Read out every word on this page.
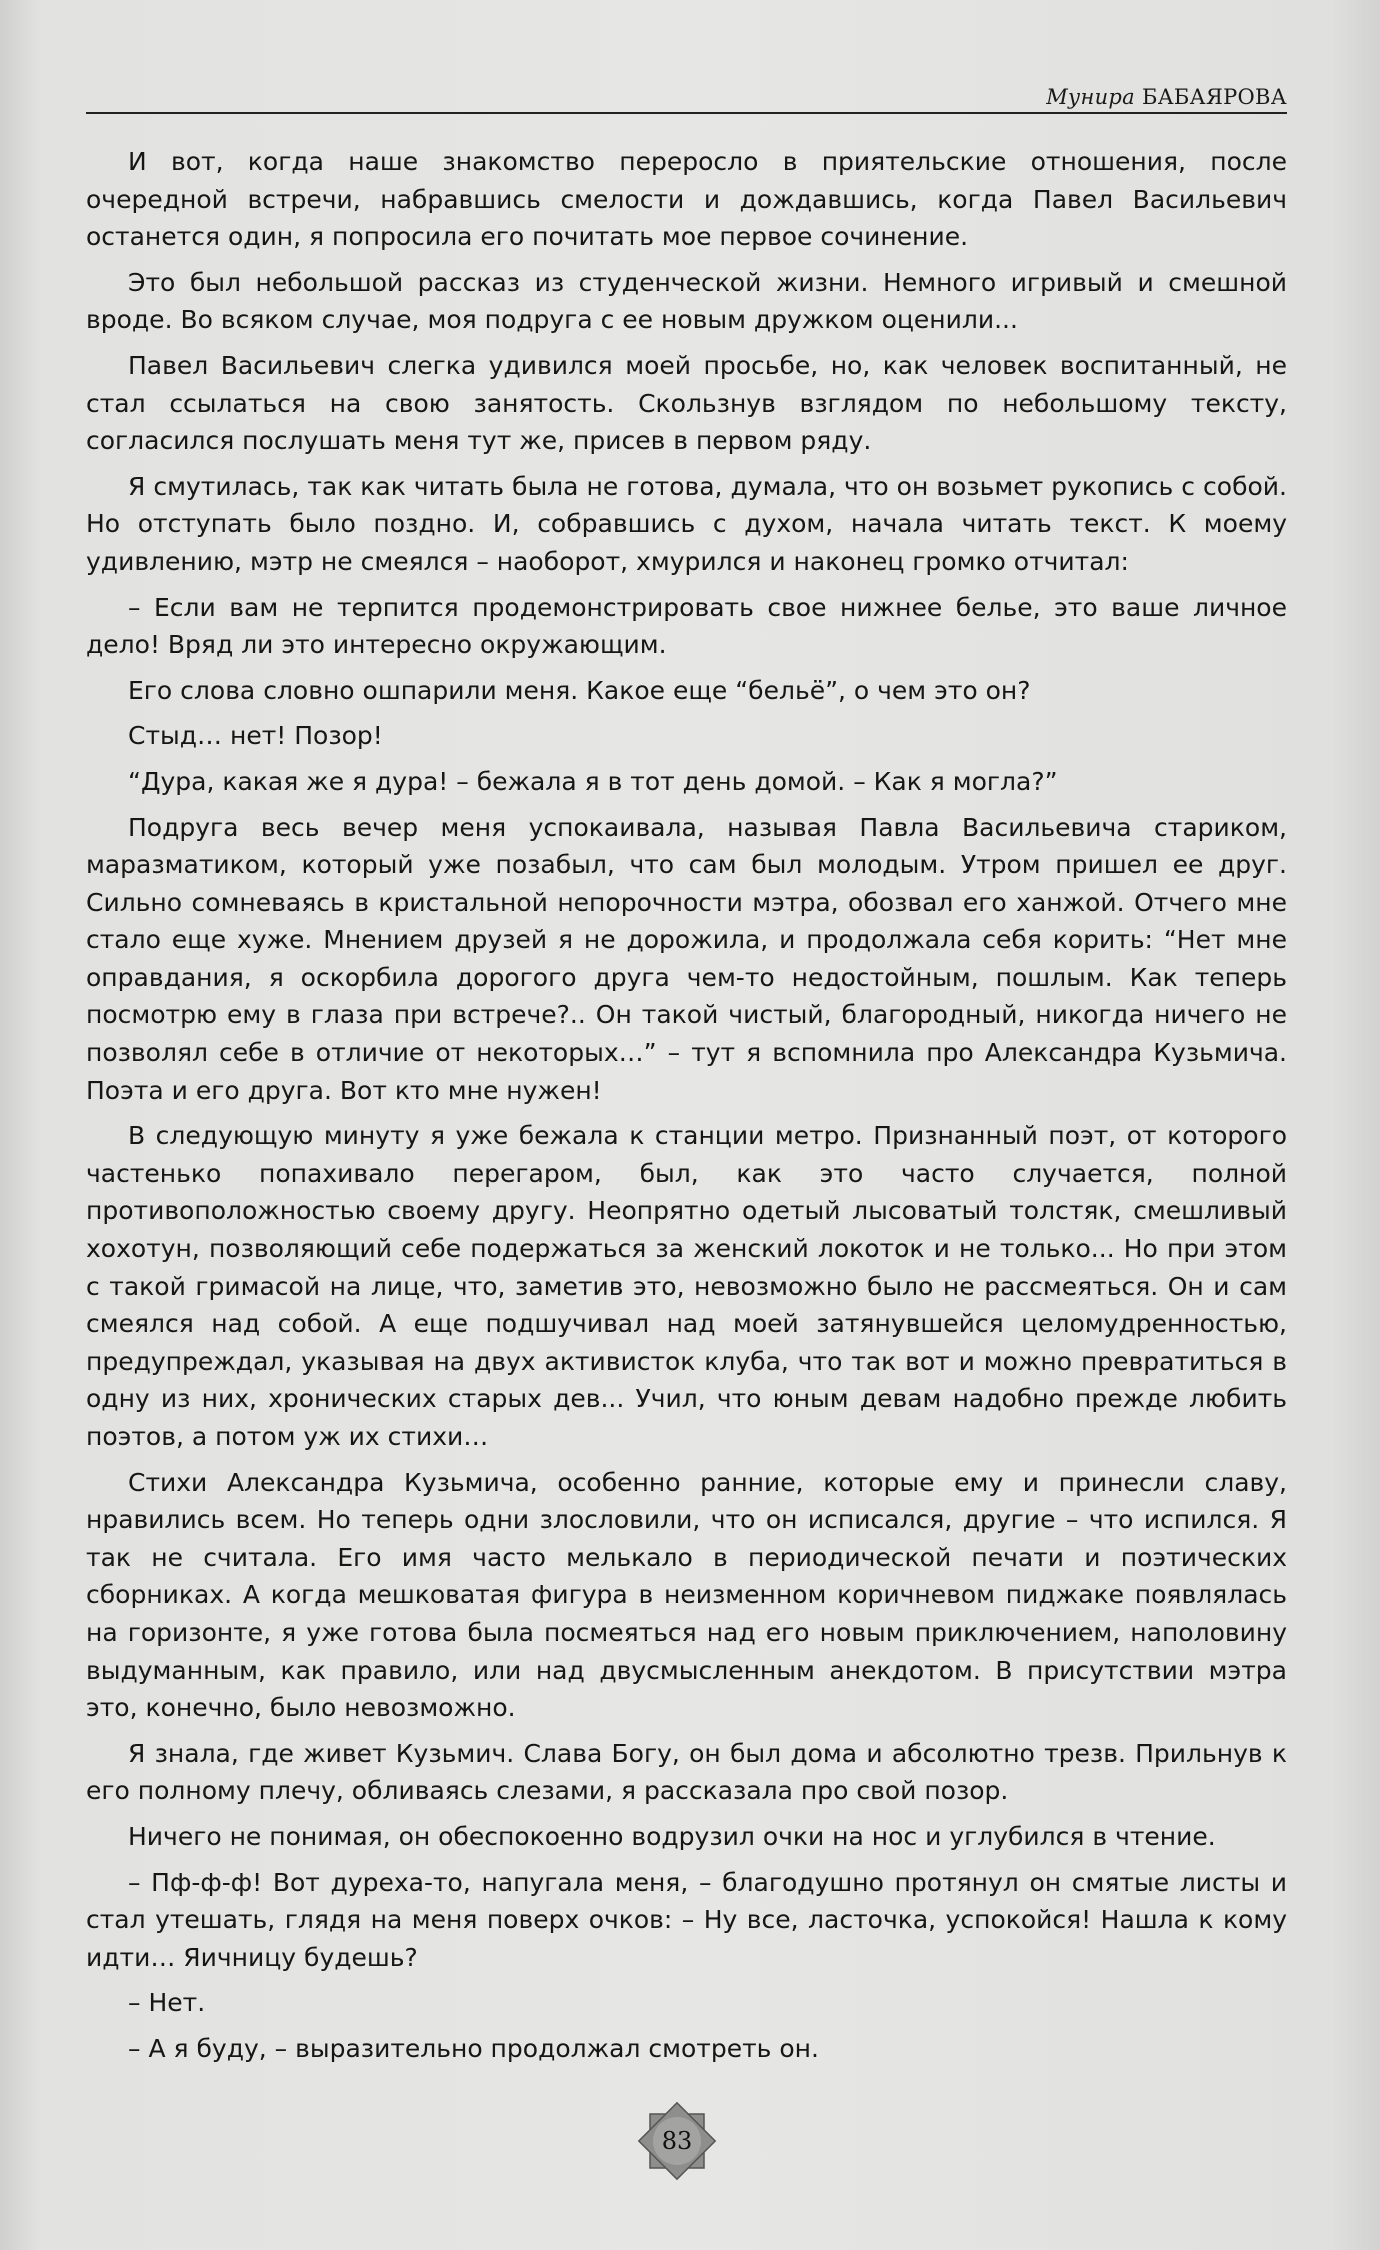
Мунира БАБАЯРОВА

И вот, когда наше знакомство переросло в приятельские отношения, после очередной встречи, набравшись смелости и дождавшись, когда Павел Васильевич останется один, я попросила его почитать мое первое сочинение.

Это был небольшой рассказ из студенческой жизни. Немного игривый и смешной вроде. Во всяком случае, моя подруга с ее новым дружком оценили...

Павел Васильевич слегка удивился моей просьбе, но, как человек воспитанный, не стал ссылаться на свою занятость. Скользнув взглядом по небольшому тексту, согласился послушать меня тут же, присев в первом ряду.

Я смутилась, так как читать была не готова, думала, что он возьмет рукопись с собой. Но отступать было поздно. И, собравшись с духом, начала читать текст. К моему удивлению, мэтр не смеялся – наоборот, хмурился и наконец громко отчитал:

– Если вам не терпится продемонстрировать свое нижнее белье, это ваше личное дело! Вряд ли это интересно окружающим.

Его слова словно ошпарили меня. Какое еще “бельё”, о чем это он?

Стыд… нет! Позор!

“Дура, какая же я дура! – бежала я в тот день домой. – Как я могла?”

Подруга весь вечер меня успокаивала, называя Павла Васильевича стариком, маразматиком, который уже позабыл, что сам был молодым. Утром пришел ее друг. Сильно сомневаясь в кристальной непорочности мэтра, обозвал его ханжой. Отчего мне стало еще хуже. Мнением друзей я не дорожила, и продолжала себя корить: “Нет мне оправдания, я оскорбила дорогого друга чем-то недостойным, пошлым. Как теперь посмотрю ему в глаза при встрече?.. Он такой чистый, благородный, никогда ничего не позволял себе в отличие от некоторых…” – тут я вспомнила про Александра Кузьмича. Поэта и его друга. Вот кто мне нужен!

В следующую минуту я уже бежала к станции метро. Признанный поэт, от которого частенько попахивало перегаром, был, как это часто случается, полной противоположностью своему другу. Неопрятно одетый лысоватый толстяк, смешливый хохотун, позволяющий себе подержаться за женский локоток и не только... Но при этом с такой гримасой на лице, что, заметив это, невозможно было не рассмеяться. Он и сам смеялся над собой. А еще подшучивал над моей затянувшейся целомудренностью, предупреждал, указывая на двух активисток клуба, что так вот и можно превратиться в одну из них, хронических старых дев... Учил, что юным девам надобно прежде любить поэтов, а потом уж их стихи…

Стихи Александра Кузьмича, особенно ранние, которые ему и принесли славу, нравились всем. Но теперь одни злословили, что он исписался, другие – что испился. Я так не считала. Его имя часто мелькало в периодической печати и поэтических сборниках. А когда мешковатая фигура в неизменном коричневом пиджаке появлялась на горизонте, я уже готова была посмеяться над его новым приключением, наполовину выдуманным, как правило, или над двусмысленным анекдотом. В присутствии мэтра это, конечно, было невозможно.

Я знала, где живет Кузьмич. Слава Богу, он был дома и абсолютно трезв. Прильнув к его полному плечу, обливаясь слезами, я рассказала про свой позор.

Ничего не понимая, он обеспокоенно водрузил очки на нос и углубился в чтение.

– Пф-ф-ф! Вот дуреха-то, напугала меня, – благодушно протянул он смятые листы и стал утешать, глядя на меня поверх очков: – Ну все, ласточка, успокойся! Нашла к кому идти… Яичницу будешь?

– Нет.

– А я буду, – выразительно продолжал смотреть он.

83
